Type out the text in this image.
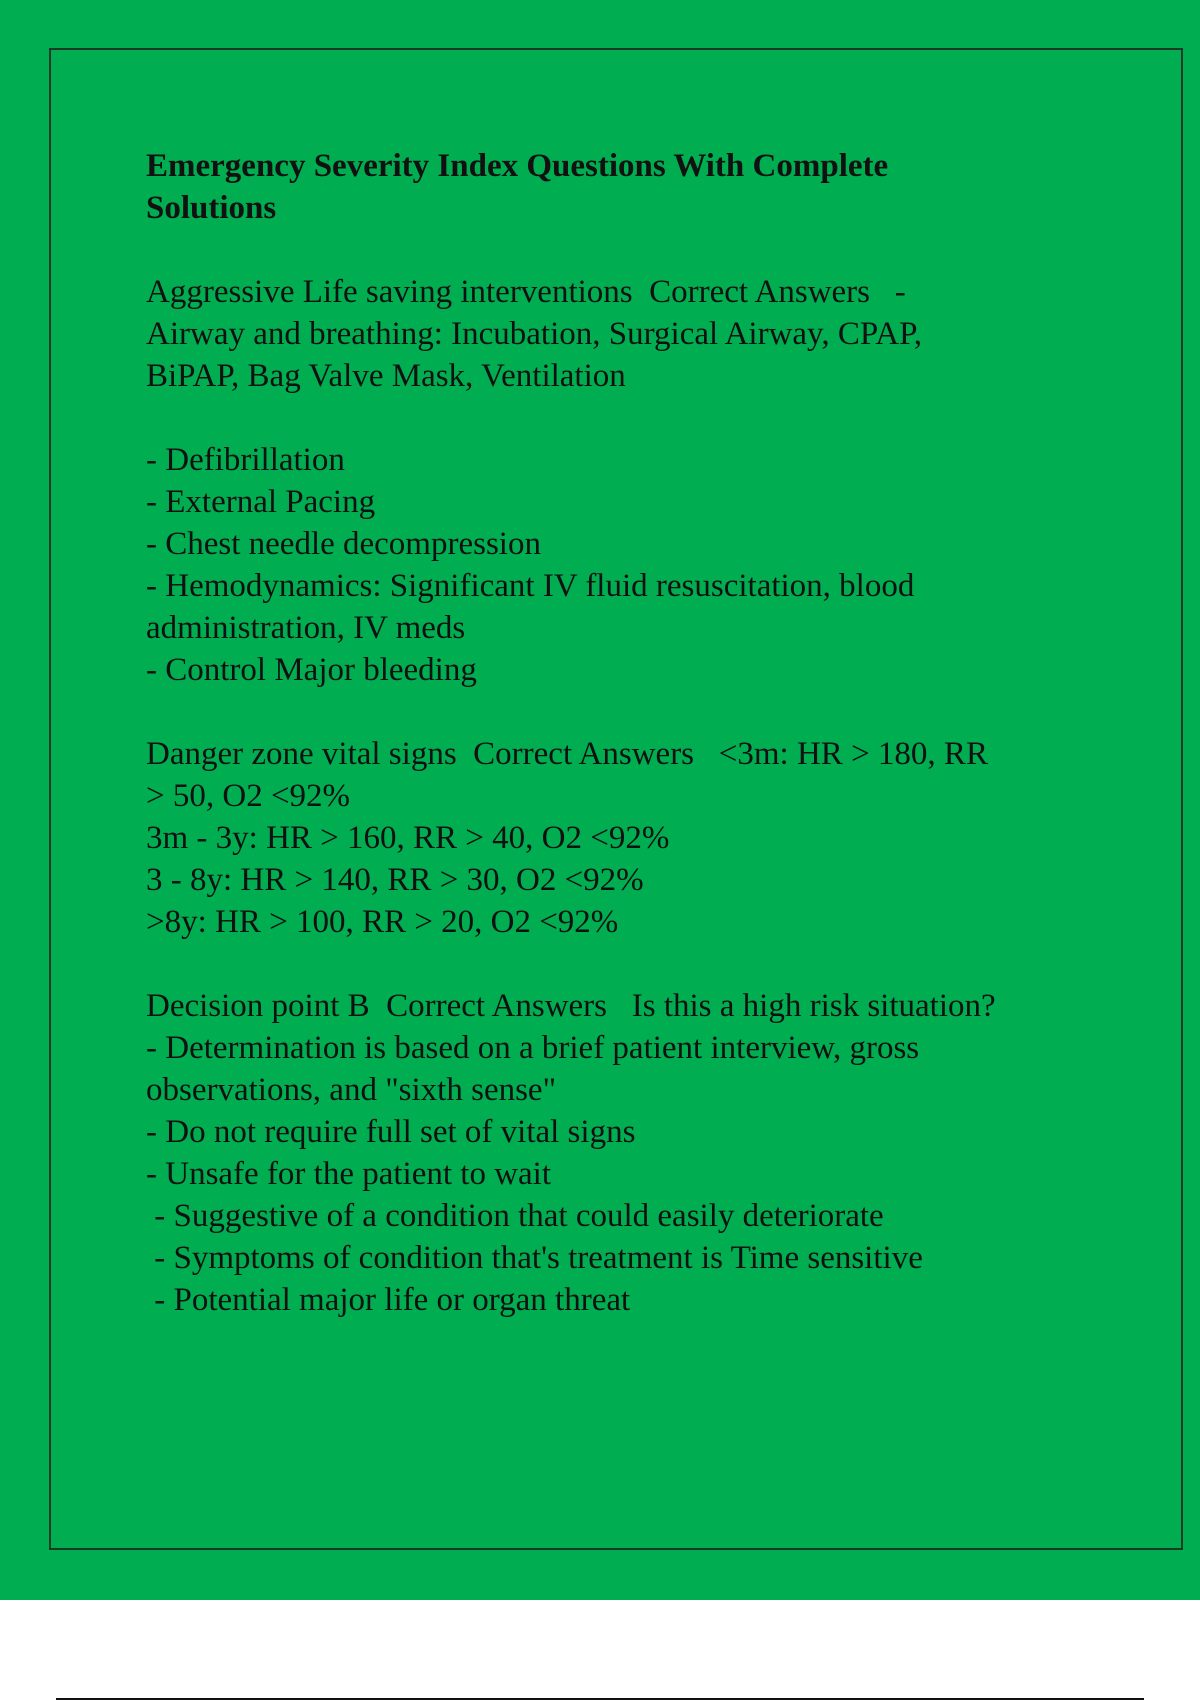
Emergency Severity Index Questions With Complete
Solutions
Aggressive Life saving interventions  Correct Answers   -
Airway and breathing: Incubation, Surgical Airway, CPAP,
BiPAP, Bag Valve Mask, Ventilation
- Defibrillation
- External Pacing
- Chest needle decompression
- Hemodynamics: Significant IV fluid resuscitation, blood
administration, IV meds
- Control Major bleeding
Danger zone vital signs  Correct Answers   <3m: HR > 180, RR
> 50, O2 <92%
3m - 3y: HR > 160, RR > 40, O2 <92%
3 - 8y: HR > 140, RR > 30, O2 <92%
>8y: HR > 100, RR > 20, O2 <92%
Decision point B  Correct Answers   Is this a high risk situation?
- Determination is based on a brief patient interview, gross
observations, and "sixth sense"
- Do not require full set of vital signs
- Unsafe for the patient to wait
- Suggestive of a condition that could easily deteriorate
- Symptoms of condition that's treatment is Time sensitive
- Potential major life or organ threat
